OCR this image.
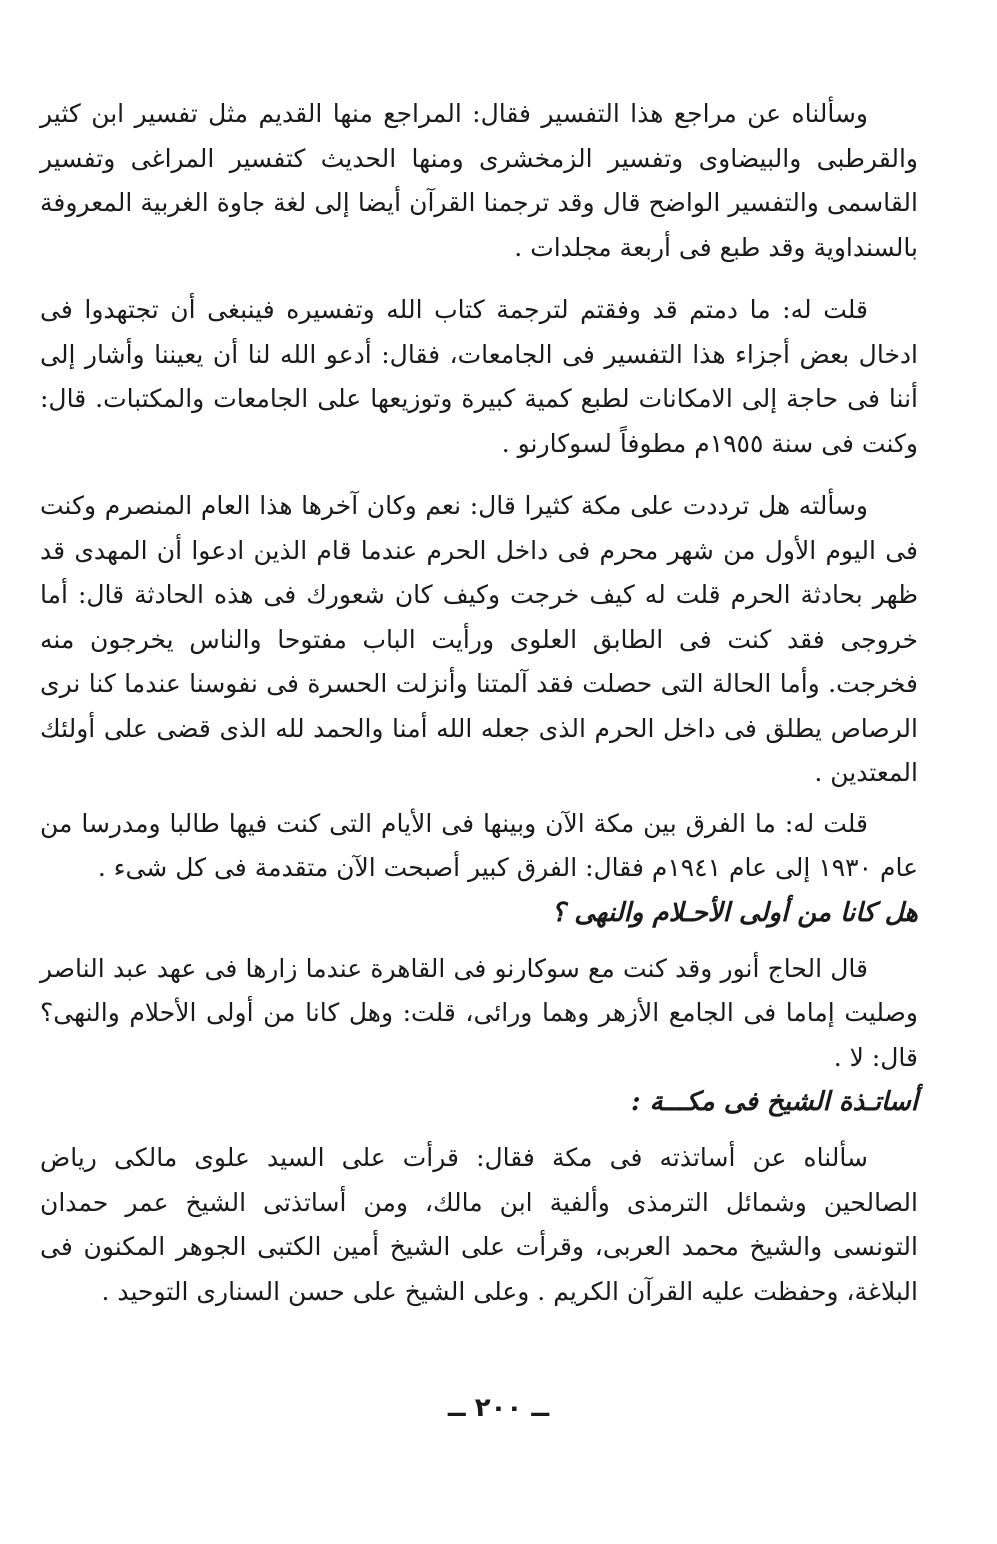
وسألناه عن مراجع هذا التفسير فقال: المراجع منها القديم مثل تفسير ابن كثير والقرطبى والبيضاوى وتفسير الزمخشرى ومنها الحديث كتفسير المراغى وتفسير القاسمى والتفسير الواضح قال وقد ترجمنا القرآن أيضا إلى لغة جاوة الغربية المعروفة بالسنداوية وقد طبع فى أربعة مجلدات .

قلت له: ما دمتم قد وفقتم لترجمة كتاب الله وتفسيره فينبغى أن تجتهدوا فى ادخال بعض أجزاء هذا التفسير فى الجامعات، فقال: أدعو الله لنا أن يعيننا وأشار إلى أننا فى حاجة إلى الامكانات لطبع كمية كبيرة وتوزيعها على الجامعات والمكتبات. قال: وكنت فى سنة ١٩٥٥م مطوفاً لسوكارنو .

وسألته هل ترددت على مكة كثيرا قال: نعم وكان آخرها هذا العام المنصرم وكنت فى اليوم الأول من شهر محرم فى داخل الحرم عندما قام الذين ادعوا أن المهدى قد ظهر بحادثة الحرم قلت له كيف خرجت وكيف كان شعورك فى هذه الحادثة قال: أما خروجى فقد كنت فى الطابق العلوى ورأيت الباب مفتوحا والناس يخرجون منه فخرجت. وأما الحالة التى حصلت فقد آلمتنا وأنزلت الحسرة فى نفوسنا عندما كنا نرى الرصاص يطلق فى داخل الحرم الذى جعله الله أمنا والحمد لله الذى قضى على أولئك المعتدين .

قلت له: ما الفرق بين مكة الآن وبينها فى الأيام التى كنت فيها طالبا ومدرسا من عام ١٩٣٠ إلى عام ١٩٤١م فقال: الفرق كبير أصبحت الآن متقدمة فى كل شىء .

هل كانا من أولى الأحـلام والنهى ؟

قال الحاج أنور وقد كنت مع سوكارنو فى القاهرة عندما زارها فى عهد عبد الناصر وصليت إماما فى الجامع الأزهر وهما ورائى، قلت: وهل كانا من أولى الأحلام والنهى؟ قال: لا .

أساتـذة الشيخ فى مكـــة :

سألناه عن أساتذته فى مكة فقال: قرأت على السيد علوى مالكى رياض الصالحين وشمائل الترمذى وألفية ابن مالك، ومن أساتذتى الشيخ عمر حمدان التونسى والشيخ محمد العربى، وقرأت على الشيخ أمين الكتبى الجوهر المكنون فى البلاغة، وحفظت عليه القرآن الكريم . وعلى الشيخ على حسن السنارى التوحيد .

ــ ٢٠٠ ــ
